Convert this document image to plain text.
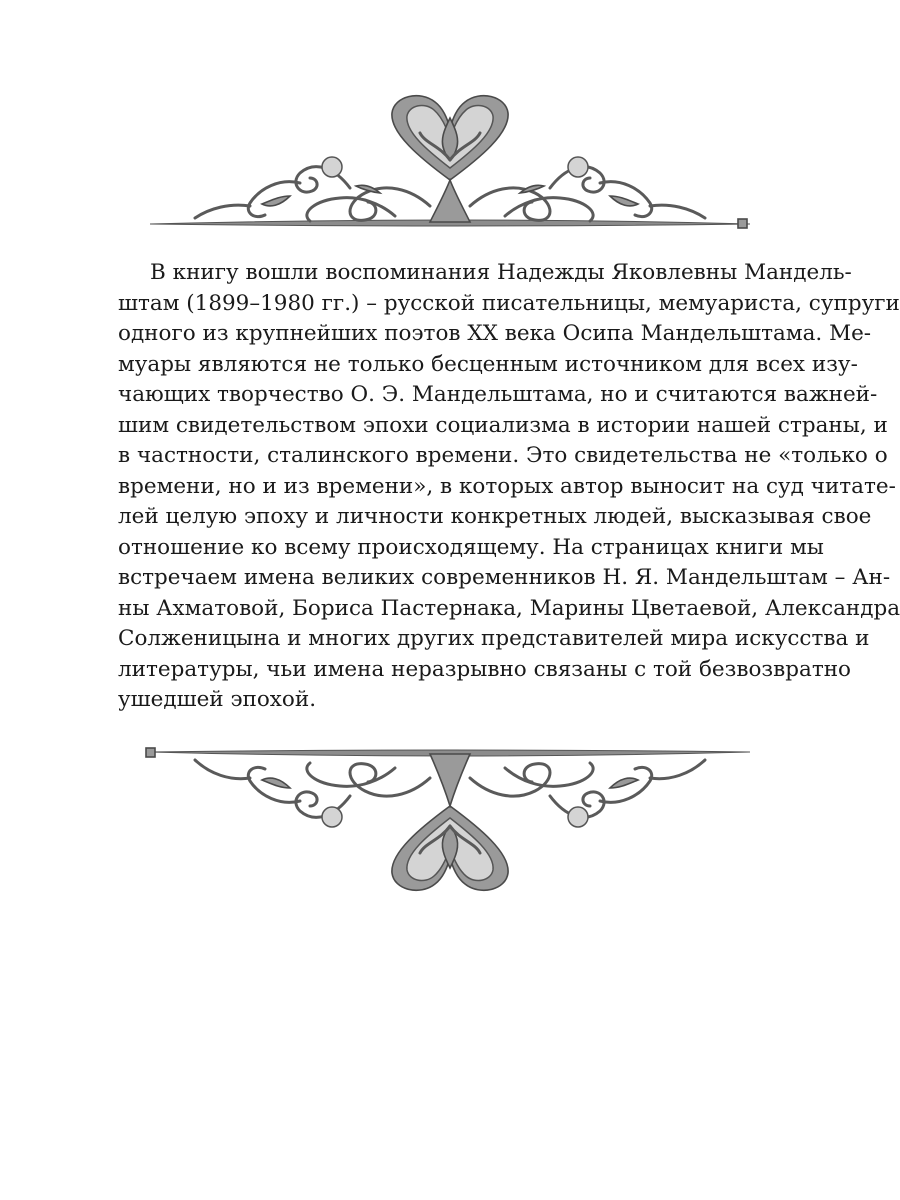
В книгу вошли воспоминания Надежды Яковлевны Мандель-
штам (1899–1980 гг.) – русской писательницы, мемуариста, супруги
одного из крупнейших поэтов XX века Осипа Мандельштама. Ме-
муары являются не только бесценным источником для всех изу-
чающих творчество О. Э. Мандельштама, но и считаются важней-
шим свидетельством эпохи социализма в истории нашей страны, и
в частности, сталинского времени. Это свидетельства не «только о
времени, но и из времени», в которых автор выносит на суд читате-
лей целую эпоху и личности конкретных людей, высказывая свое
отношение ко всему происходящему. На страницах книги мы
встречаем имена великих современников Н. Я. Мандельштам – Ан-
ны Ахматовой, Бориса Пастернака, Марины Цветаевой, Александра
Солженицына и многих других представителей мира искусства и
литературы, чьи имена неразрывно связаны с той безвозвратно
ушедшей эпохой.
